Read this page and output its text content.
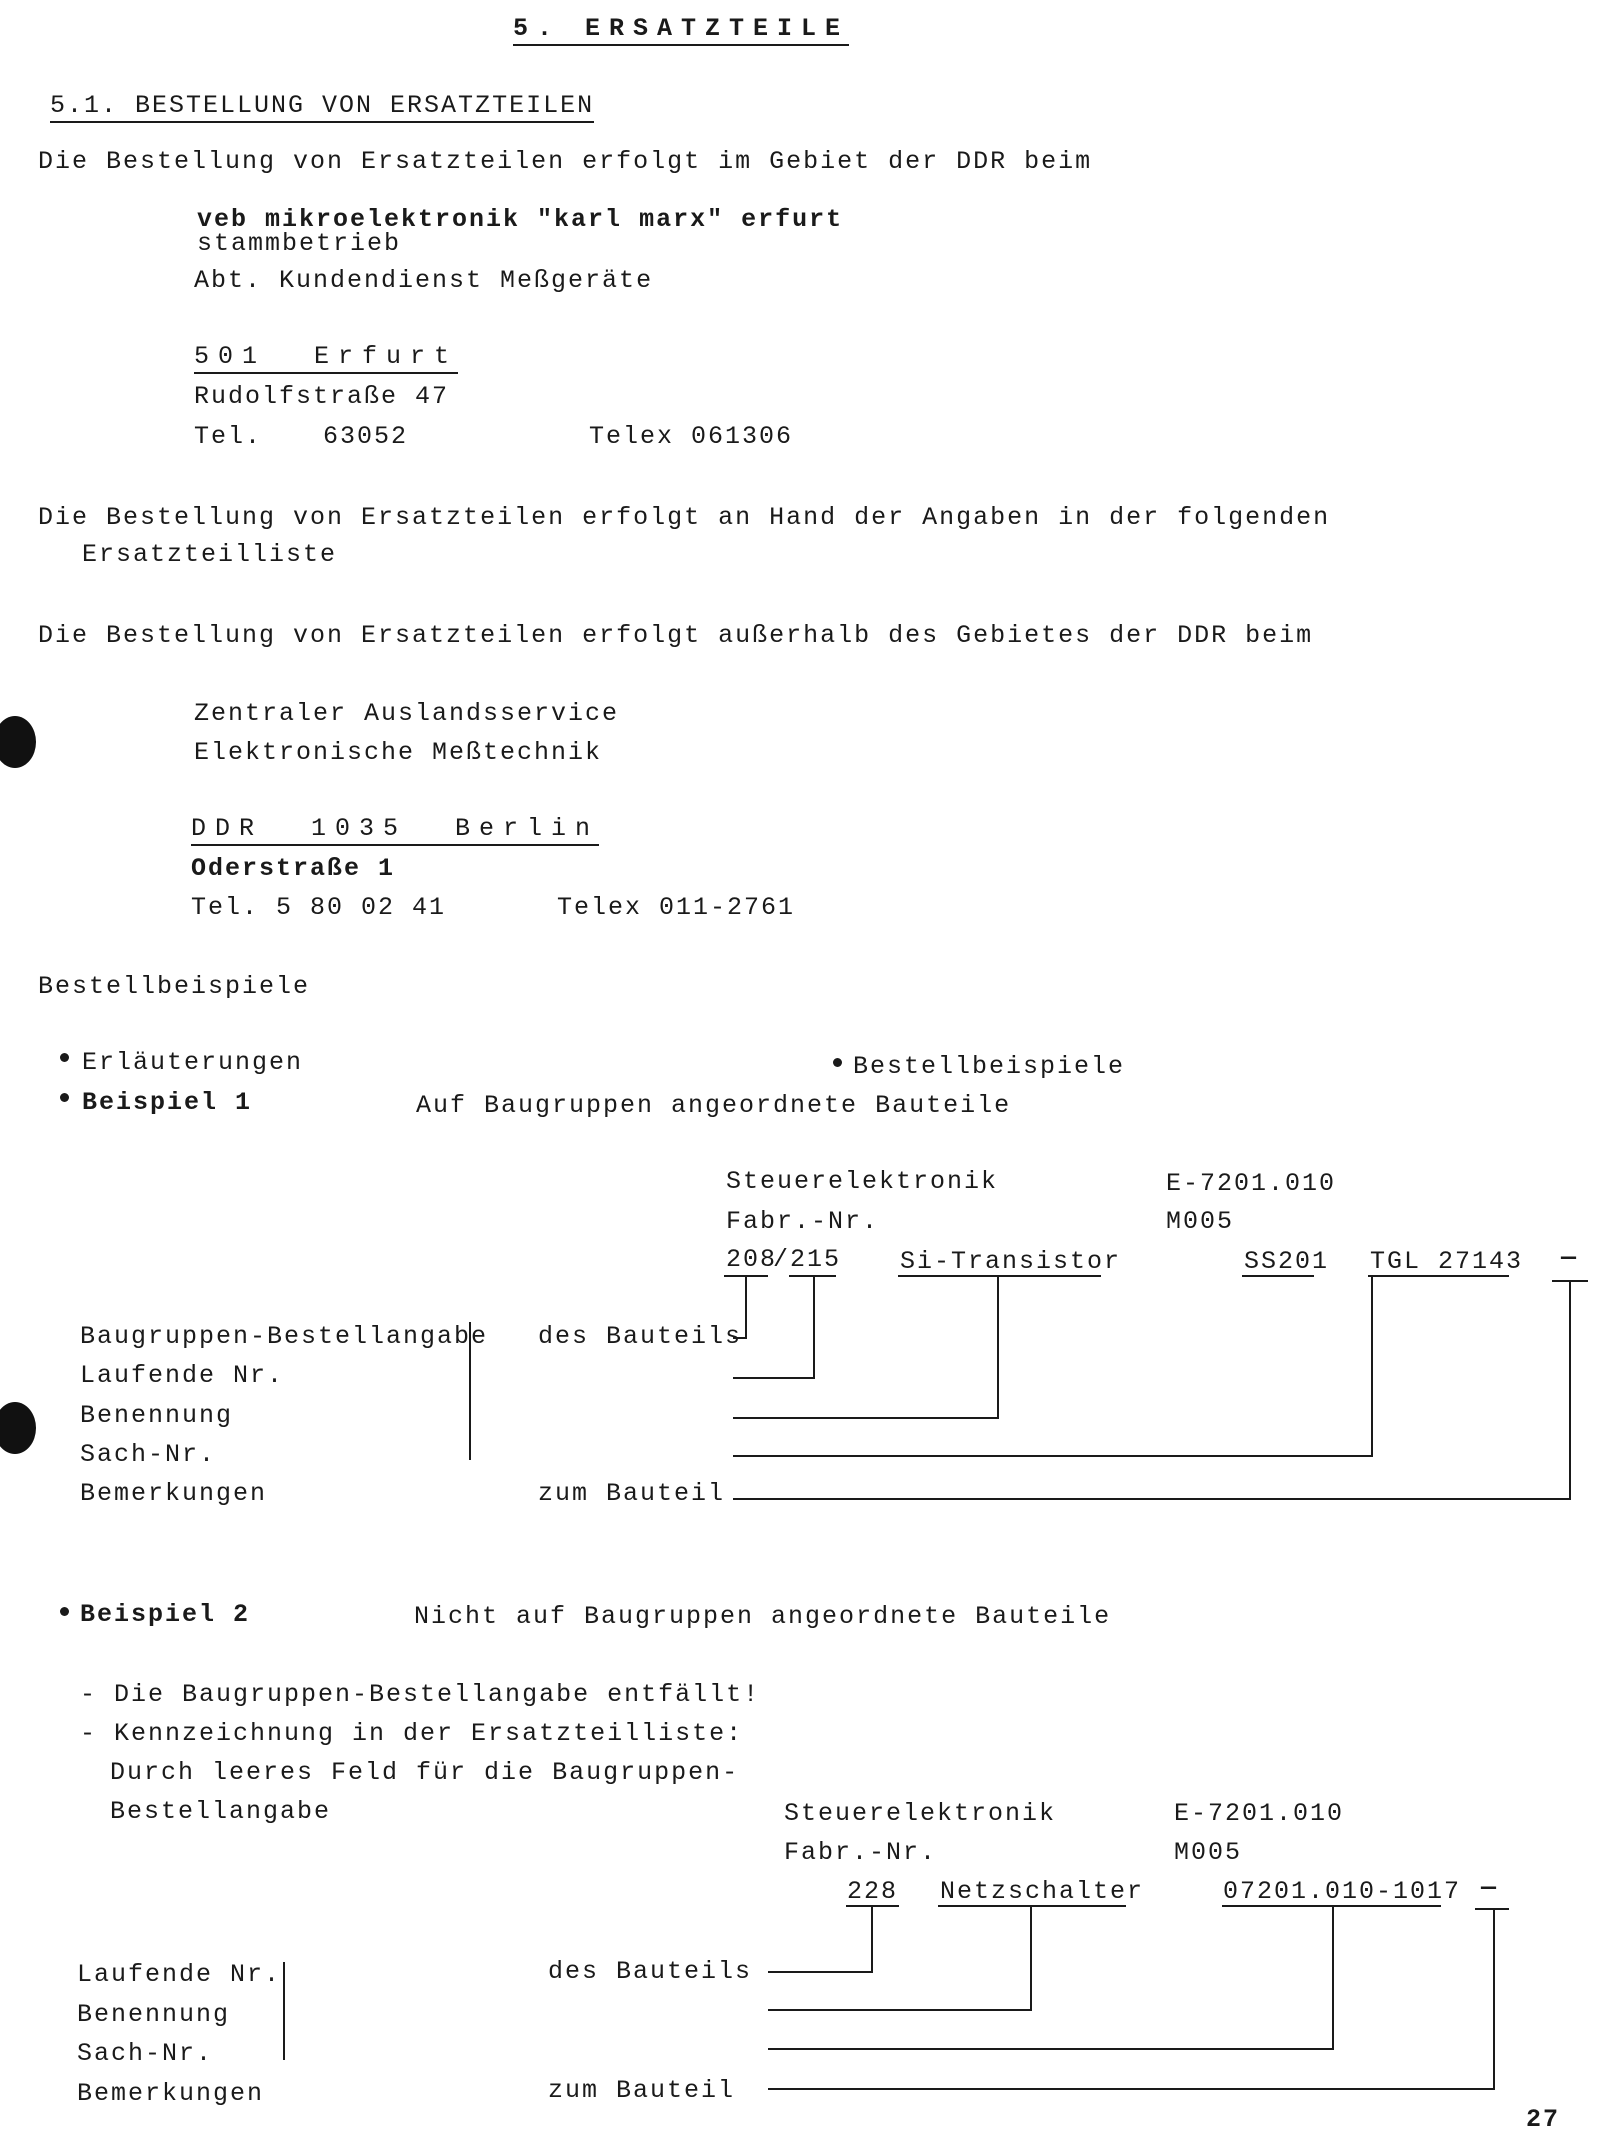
5. ERSATZTEILE
5.1. BESTELLUNG VON ERSATZTEILEN
Die Bestellung von Ersatzteilen erfolgt im Gebiet der DDR beim
veb mikroelektronik "karl marx" erfurt
stammbetrieb
Abt. Kundendienst Meßgeräte
501  Erfurt
Rudolfstraße 47
Tel. 63052	Telex 061306
Die Bestellung von Ersatzteilen erfolgt an Hand der Angaben in der folgenden
Ersatzteilliste
Die Bestellung von Ersatzteilen erfolgt außerhalb des Gebietes der DDR beim
Zentraler Auslandsservice
Elektronische Meßtechnik
DDR  1035  Berlin
Oderstraße 1
Tel. 5 80 02 41	Telex 011-2761
Bestellbeispiele
Erläuterungen	Bestellbeispiele
Beispiel 1	Auf Baugruppen angeordnete Bauteile
Steuerelektronik	E-7201.010
Fabr.-Nr.	M005
208
/ 215 Si-Transistor	SS201 TGL 27143 —
Baugruppen-Bestellangabe
Laufende Nr.
Benennung
Sach-Nr.
Bemerkungen
des Bauteils
zum Bauteil
Beispiel 2	Nicht auf Baugruppen angeordnete Bauteile
- Die Baugruppen-Bestellangabe entfällt!
- Kennzeichnung in der Ersatzteilliste:
Durch leeres Feld für die Baugruppen-
Bestellangabe	Steuerelektronik	E-7201.010
Fabr.-Nr.	M005
228 Netzschalter	07201.010-1017 —
Laufende Nr.
Benennung
Sach-Nr.
Bemerkungen
des Bauteils
zum Bauteil
27
